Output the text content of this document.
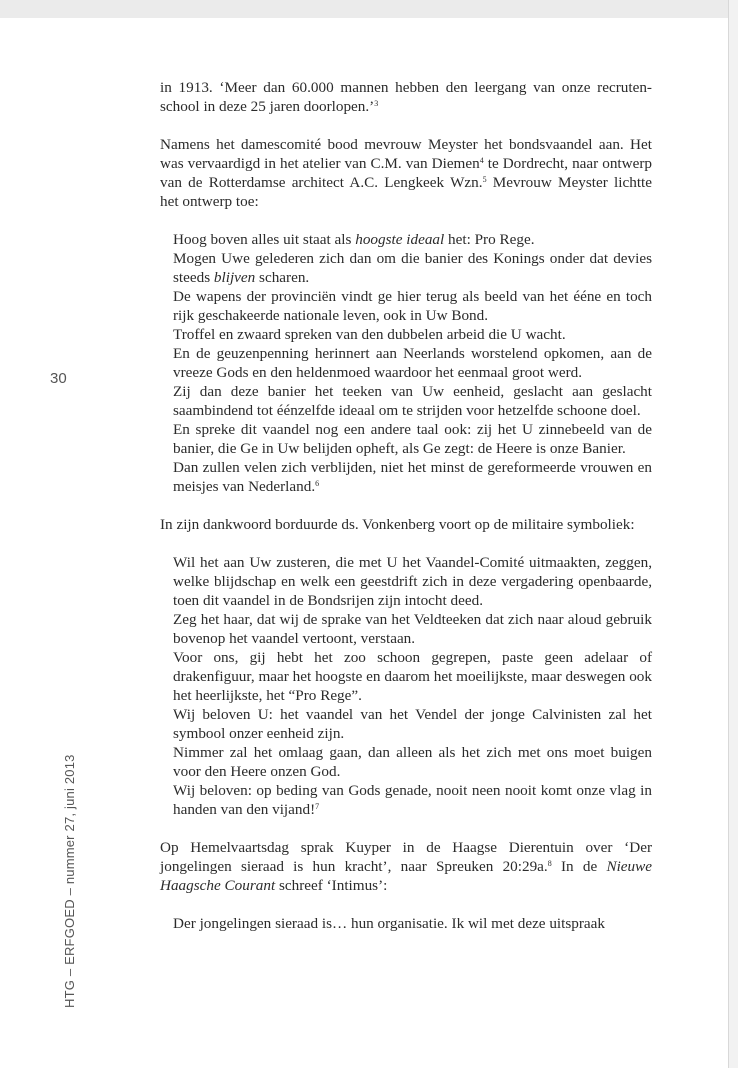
30
HTG – ERFGOED – nummer 27, juni 2013

in 1913. ‘Meer dan 60.000 mannen hebben den leergang van onze recruten-school in deze 25 jaren doorlopen.’$^3$

Namens het damescomité bood mevrouw Meyster het bondsvaandel aan. Het was vervaardigd in het atelier van C.M. van Diemen$^4$ te Dordrecht, naar ontwerp van de Rotterdamse architect A.C. Lengkeek Wzn.$^5$ Mevrouw Meyster lichtte het ontwerp toe:

Hoog boven alles uit staat als hoogste ideaal het: Pro Rege.

Mogen Uwe gelederen zich dan om die banier des Konings onder dat devies steeds blijven scharen.

De wapens der provinciën vindt ge hier terug als beeld van het ééne en toch rijk geschakeerde nationale leven, ook in Uw Bond.

Troffel en zwaard spreken van den dubbelen arbeid die U wacht.

En de geuzenpenning herinnert aan Neerlands worstelend opkomen, aan de vreeze Gods en den heldenmoed waardoor het eenmaal groot werd.

Zij dan deze banier het teeken van Uw eenheid, geslacht aan geslacht saambindend tot éénzelfde ideaal om te strijden voor hetzelfde schoone doel.

En spreke dit vaandel nog een andere taal ook: zij het U zinnebeeld van de banier, die Ge in Uw belijden opheft, als Ge zegt: de Heere is onze Banier.

Dan zullen velen zich verblijden, niet het minst de gereformeerde vrouwen en meisjes van Nederland.$^6$

In zijn dankwoord borduurde ds. Vonkenberg voort op de militaire symboliek:

Wil het aan Uw zusteren, die met U het Vaandel-Comité uitmaakten, zeggen, welke blijdschap en welk een geestdrift zich in deze vergadering openbaarde, toen dit vaandel in de Bondsrijen zijn intocht deed.

Zeg het haar, dat wij de sprake van het Veldteeken dat zich naar aloud gebruik bovenop het vaandel vertoont, verstaan.

Voor ons, gij hebt het zoo schoon gegrepen, paste geen adelaar of drakenfiguur, maar het hoogste en daarom het moeilijkste, maar deswegen ook het heerlijkste, het “Pro Rege”.

Wij beloven U: het vaandel van het Vendel der jonge Calvinisten zal het symbool onzer eenheid zijn.

Nimmer zal het omlaag gaan, dan alleen als het zich met ons moet buigen voor den Heere onzen God.

Wij beloven: op beding van Gods genade, nooit neen nooit komt onze vlag in handen van den vijand!$^7$

Op Hemelvaartsdag sprak Kuyper in de Haagse Dierentuin over ‘Der jongelingen sieraad is hun kracht’, naar Spreuken 20:29a.$^8$ In de Nieuwe Haagsche Courant schreef ‘Intimus’:

Der jongelingen sieraad is… hun organisatie. Ik wil met deze uitspraak
